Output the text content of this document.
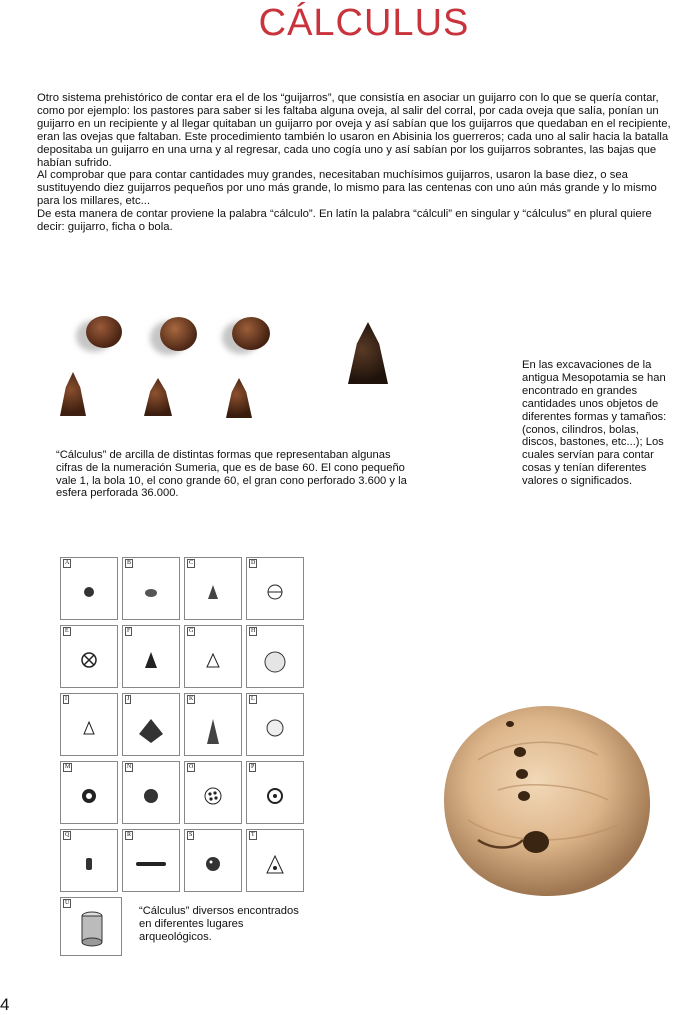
CÁLCULUS

Otro sistema prehistórico de contar era el de los “guijarros”, que consistía en asociar un guijarro con lo que se quería contar, como por ejemplo: los pastores para saber si les faltaba alguna oveja, al salir del corral, por cada oveja que salía, ponían un guijarro en un recipiente y al llegar quitaban un guijarro por oveja y así sabían que los guijarros que quedaban en el recipiente, eran las ovejas que faltaban. Este procedimiento también lo usaron en Abisinia los guerreros; cada uno al salir hacia la batalla depositaba un guijarro en una urna y al regresar, cada uno cogía uno y así sabían por los guijarros sobrantes, las bajas que habían sufrido.

Al comprobar que para contar cantidades muy grandes, necesitaban muchísimos guijarros, usaron la base diez, o sea sustituyendo diez guijarros pequeños por uno más grande, lo mismo para las centenas con uno aún más grande y lo mismo para los millares, etc...

De esta manera de contar proviene la palabra “cálculo”. En latín la palabra “cálculi” en singular y “cálculus” en plural quiere decir: guijarro, ficha o bola.

“Cálculus” de arcilla de distintas formas que representaban algunas cifras de la numeración Sumeria, que es de base 60. El cono pequeño vale 1, la bola 10, el cono grande 60, el gran cono perforado 3.600 y la esfera perforada 36.000.
En las excavaciones de la antigua Mesopotamia se han encontrado en grandes cantidades unos objetos de diferentes formas y tamaños: (conos, cilindros, bolas, discos, bastones, etc...); Los cuales servían para contar cosas y tenían diferentes valores o significados.
A	B	C	D
E	F	G	H
I	J	K	L
M	N	O	P
Q	R	S	T
U
“Cálculus” diversos encontrados en diferentes lugares arqueológicos.
4
